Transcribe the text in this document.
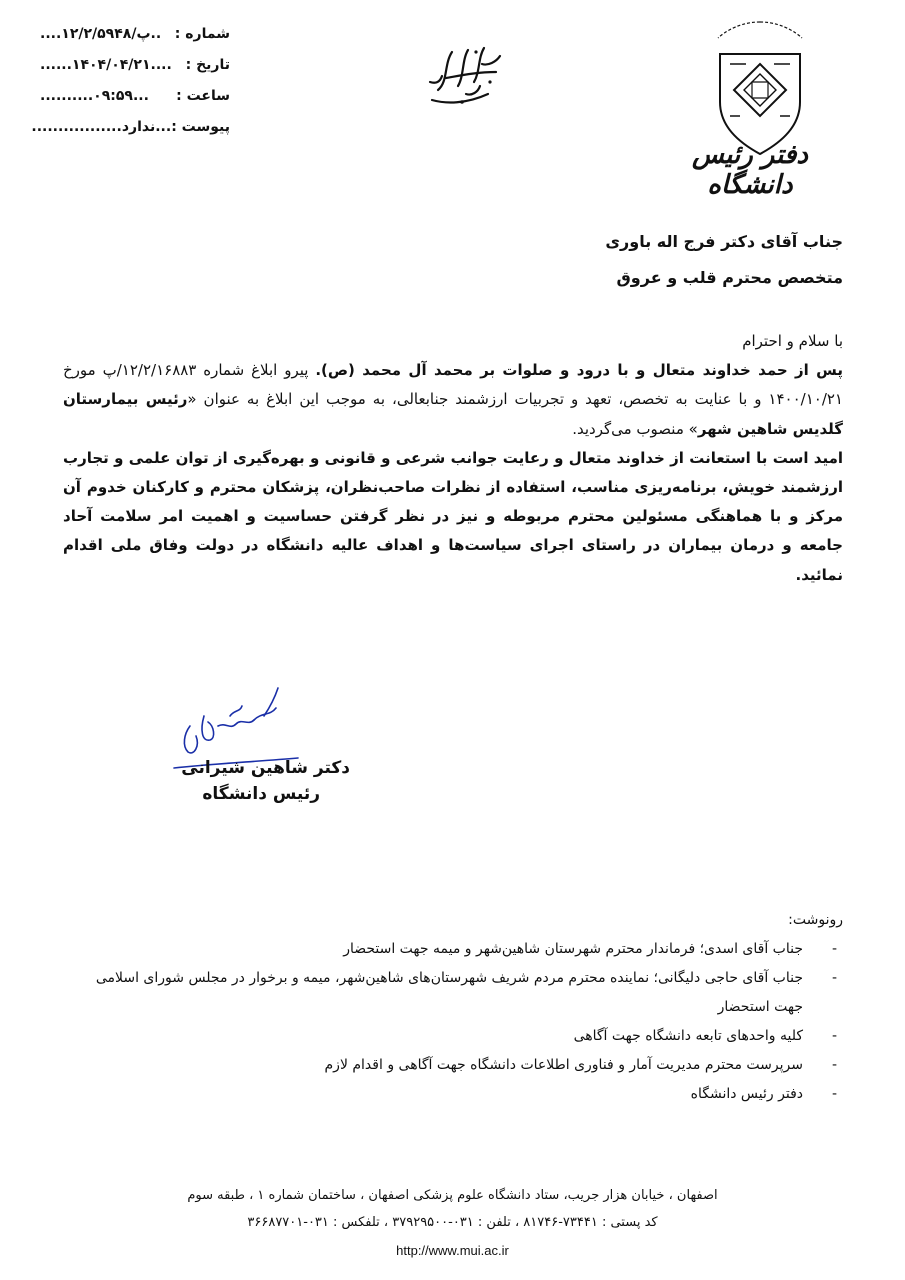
شماره :
....۱۲/۲/۵۹۴۸/پ..
تاریخ :
......۱۴۰۴/۰۴/۲۱....
ساعت :
..........۰۹:۵۹...
پیوست :
.................ندارد...
دفتر رئیس دانشگاه
جناب آقای دکتر فرج اله باوری
متخصص محترم قلب و عروق

با سلام و احترام

پس از حمد خداوند متعال و با درود و صلوات بر محمد آل محمد (ص). پیرو ابلاغ شماره ۱۲/۲/۱۶۸۸۳/پ مورخ ۱۴۰۰/۱۰/۲۱ و با عنایت به تخصص، تعهد و تجربیات ارزشمند جنابعالی، به موجب این ابلاغ به عنوان «رئیس بیمارستان گلدیس شاهین شهر» منصوب می‌گردید.

امید است با استعانت از خداوند متعال و رعایت جوانب شرعی و قانونی و بهره‌گیری از توان علمی و تجارب ارزشمند خویش، برنامه‌ریزی مناسب، استفاده از نظرات صاحب‌نظران، پزشکان محترم و کارکنان خدوم آن مرکز و با هماهنگی مسئولین محترم مربوطه و نیز در نظر گرفتن حساسیت و اهمیت امر سلامت آحاد جامعه و درمان بیماران در راستای اجرای سیاست‌ها و اهداف عالیه دانشگاه در دولت وفاق ملی اقدام نمائید.

دکتر شاهین شیرانی
رئیس دانشگاه
رونوشت:
-
جناب آقای اسدی؛ فرماندار محترم شهرستان شاهین‌شهر و میمه جهت استحضار
-
جناب آقای حاجی دلیگانی؛ نماینده محترم مردم شریف شهرستان‌های شاهین‌شهر، میمه و برخوار در مجلس شورای اسلامی جهت استحضار
-
کلیه واحدهای تابعه دانشگاه جهت آگاهی
-
سرپرست محترم مدیریت آمار و فناوری اطلاعات دانشگاه جهت آگاهی و اقدام لازم
-
دفتر رئیس دانشگاه
اصفهان ، خیابان هزار جریب، ستاد دانشگاه علوم پزشکی اصفهان ، ساختمان شماره ۱ ، طبقه سوم
کد پستی : ۷۳۴۴۱-۸۱۷۴۶ ، تلفن : ۰۳۱-۳۷۹۲۹۵۰۰ ، تلفکس : ۰۳۱-۳۶۶۸۷۷۰۱
http://www.mui.ac.ir
